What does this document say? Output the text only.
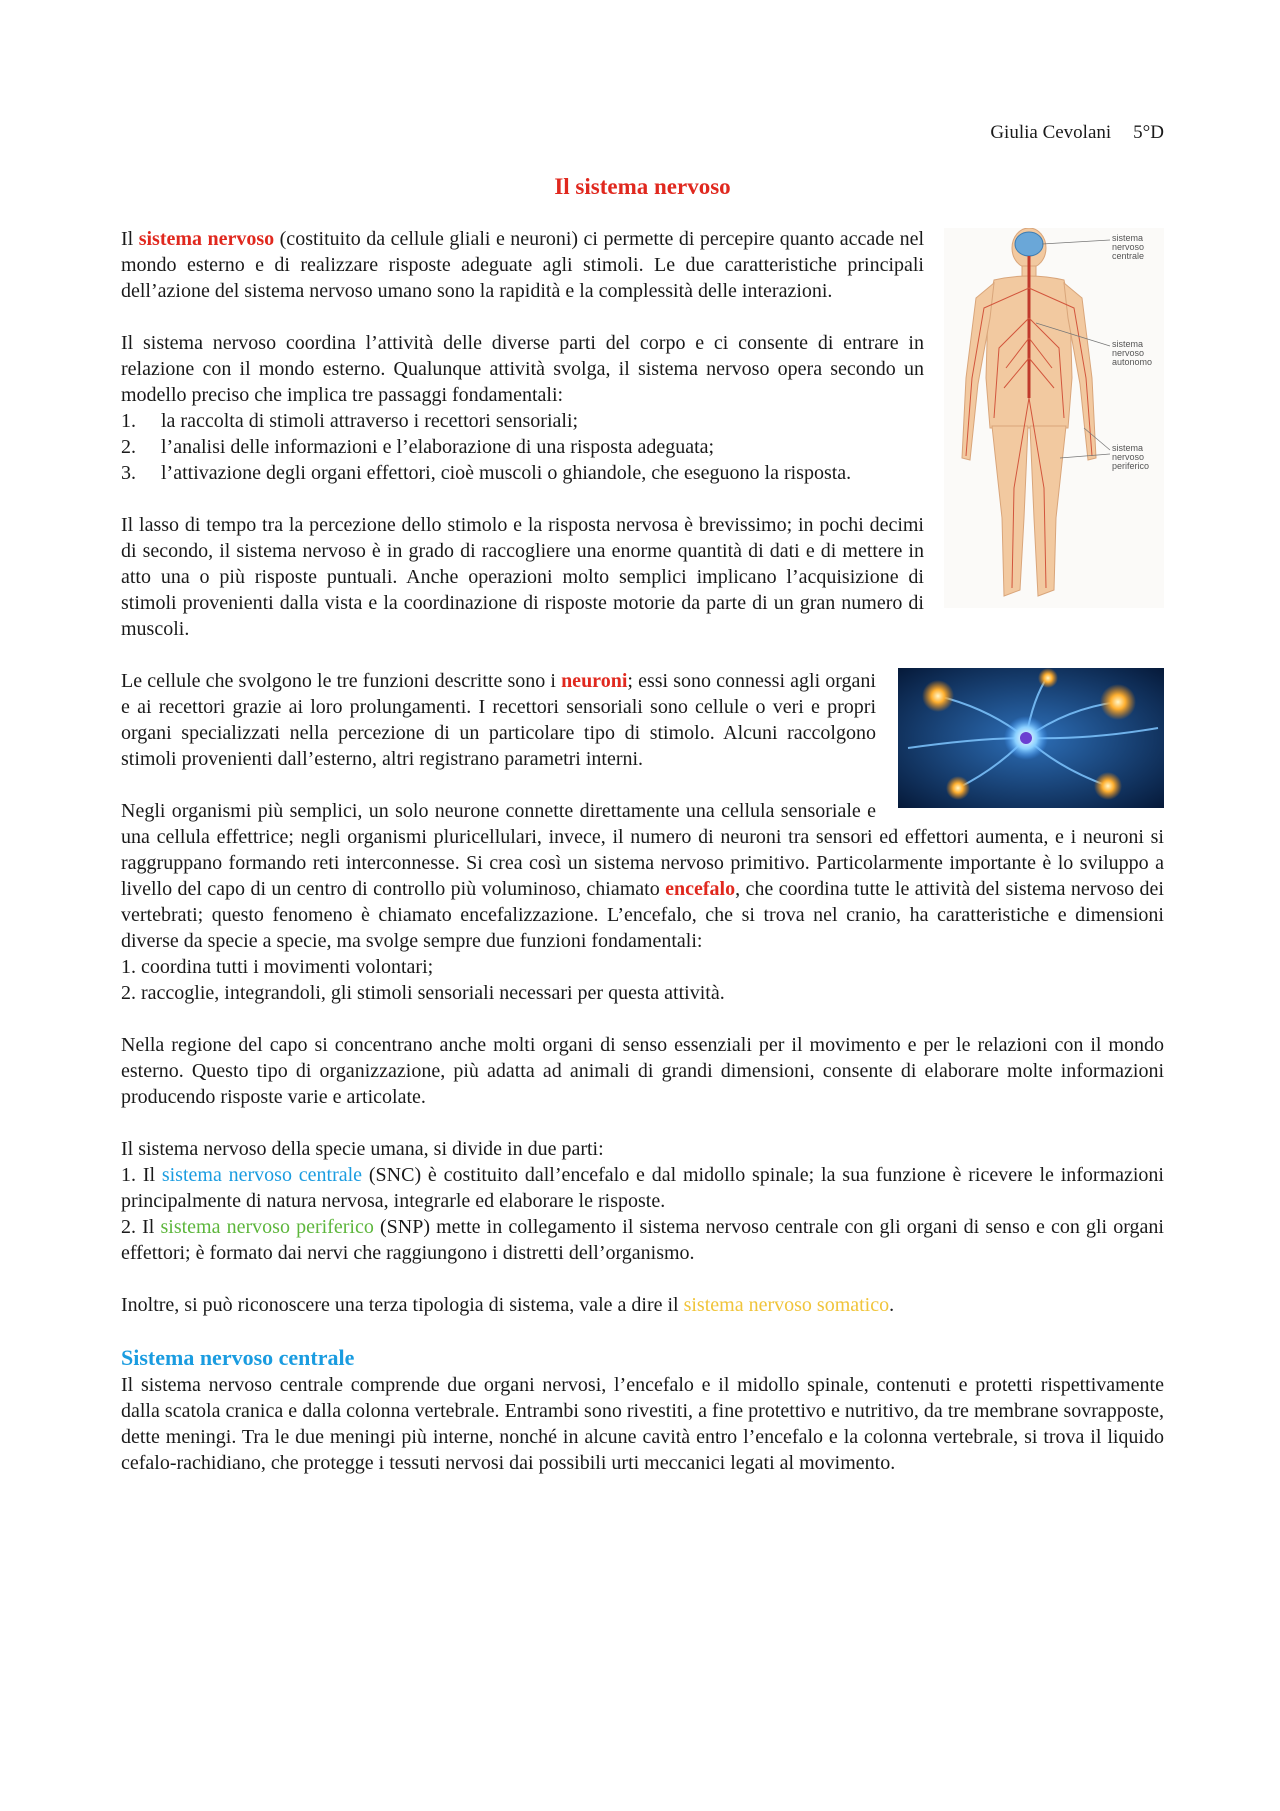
Giulia Cevolani 5°D
Il sistema nervoso
sistema
nervoso
centrale
sistema
nervoso
autonomo
sistema
nervoso
periferico

Il sistema nervoso (costituito da cellule gliali e neuroni) ci permette di percepire quanto accade nel mondo esterno e di realizzare risposte adeguate agli stimoli. Le due caratteristiche principali dell’azione del sistema nervoso umano sono la rapidità e la complessità delle interazioni.

Il sistema nervoso coordina l’attività delle diverse parti del corpo e ci consente di entrare in relazione con il mondo esterno. Qualunque attività svolga, il sistema nervoso opera secondo un modello preciso che implica tre passaggi fondamentali:

1. la raccolta di stimoli attraverso i recettori sensoriali;
2. l’analisi delle informazioni e l’elaborazione di una risposta adeguata;
3. l’attivazione degli organi effettori, cioè muscoli o ghiandole, che eseguono la risposta.

Il lasso di tempo tra la percezione dello stimolo e la risposta nervosa è brevissimo; in pochi decimi di secondo, il sistema nervoso è in grado di raccogliere una enorme quantità di dati e di mettere in atto una o più risposte puntuali. Anche operazioni molto semplici implicano l’acquisizione di stimoli provenienti dalla vista e la coordinazione di risposte motorie da parte di un gran numero di muscoli.

Le cellule che svolgono le tre funzioni descritte sono i neuroni; essi sono connessi agli organi e ai recettori grazie ai loro prolungamenti. I recettori sensoriali sono cellule o veri e propri organi specializzati nella percezione di un particolare tipo di stimolo. Alcuni raccolgono stimoli provenienti dall’esterno, altri registrano parametri interni.

Negli organismi più semplici, un solo neurone connette direttamente una cellula sensoriale e una cellula effettrice; negli organismi pluricellulari, invece, il numero di neuroni tra sensori ed effettori aumenta, e i neuroni si raggruppano formando reti interconnesse. Si crea così un sistema nervoso primitivo. Particolarmente importante è lo sviluppo a livello del capo di un centro di controllo più voluminoso, chiamato encefalo, che coordina tutte le attività del sistema nervoso dei vertebrati; questo fenomeno è chiamato encefalizzazione. L’encefalo, che si trova nel cranio, ha caratteristiche e dimensioni diverse da specie a specie, ma svolge sempre due funzioni fondamentali:

1. coordina tutti i movimenti volontari;
2. raccoglie, integrandoli, gli stimoli sensoriali necessari per questa attività.

Nella regione del capo si concentrano anche molti organi di senso essenziali per il movimento e per le relazioni con il mondo esterno. Questo tipo di organizzazione, più adatta ad animali di grandi dimensioni, consente di elaborare molte informazioni producendo risposte varie e articolate.

Il sistema nervoso della specie umana, si divide in due parti:

1. Il sistema nervoso centrale (SNC) è costituito dall’encefalo e dal midollo spinale; la sua funzione è ricevere le informazioni principalmente di natura nervosa, integrarle ed elaborare le risposte.

2. Il sistema nervoso periferico (SNP) mette in collegamento il sistema nervoso centrale con gli organi di senso e con gli organi effettori; è formato dai nervi che raggiungono i distretti dell’organismo.

Inoltre, si può riconoscere una terza tipologia di sistema, vale a dire il sistema nervoso somatico.

Sistema nervoso centrale

Il sistema nervoso centrale comprende due organi nervosi, l’encefalo e il midollo spinale, contenuti e protetti rispettivamente dalla scatola cranica e dalla colonna vertebrale. Entrambi sono rivestiti, a fine protettivo e nutritivo, da tre membrane sovrapposte, dette meningi. Tra le due meningi più interne, nonché in alcune cavità entro l’encefalo e la colonna vertebrale, si trova il liquido cefalo-rachidiano, che protegge i tessuti nervosi dai possibili urti meccanici legati al movimento.
